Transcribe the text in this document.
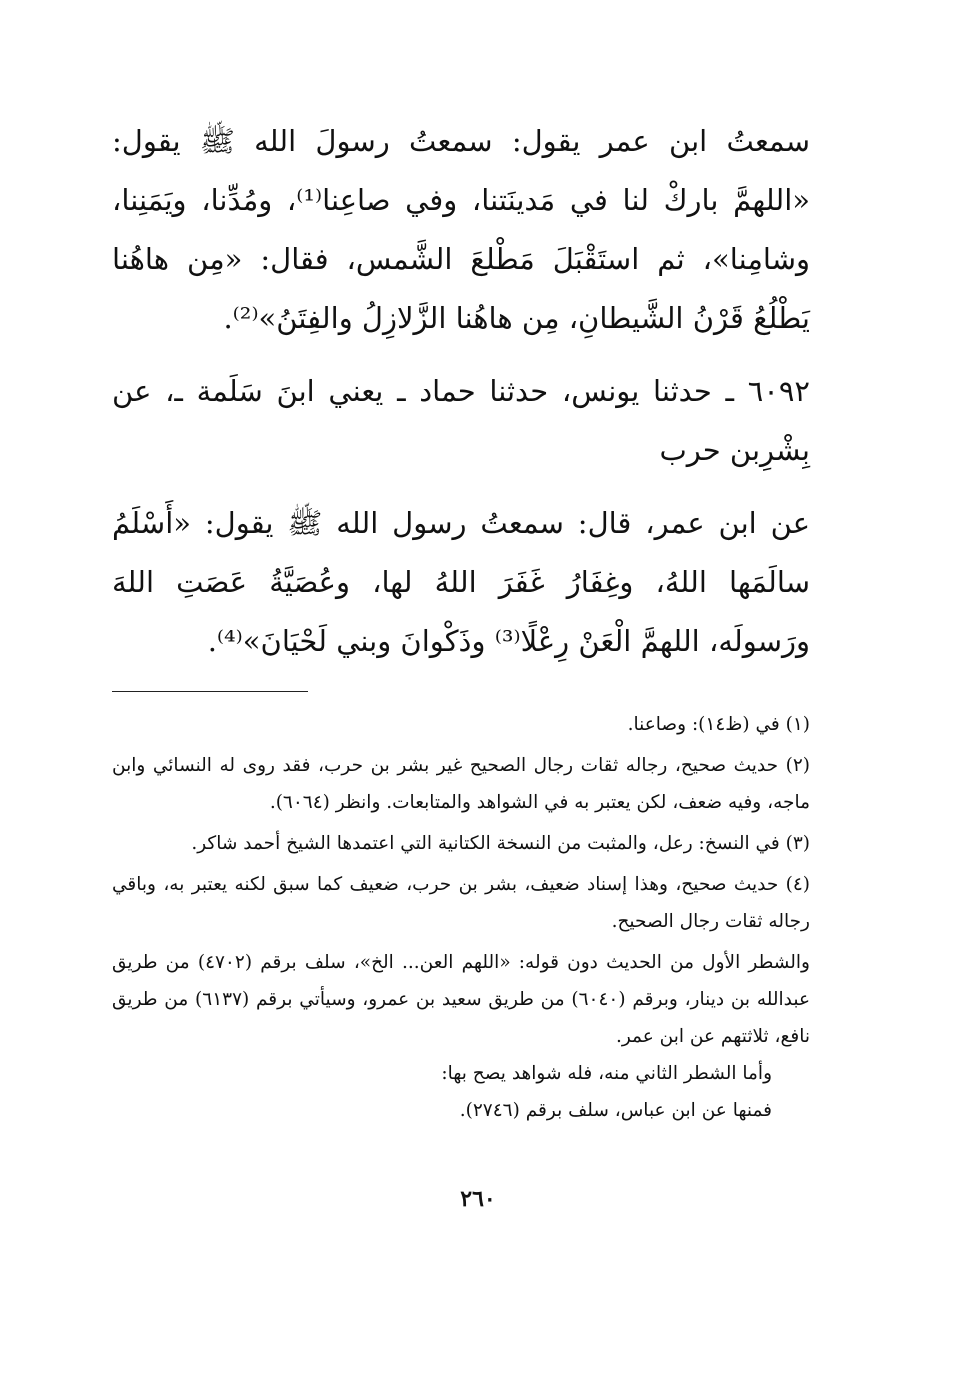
سمعتُ ابن عمر يقول: سمعتُ رسولَ الله ﷺ يقول: «اللهمَّ باركْ لنا في مَدينَتنا، وفي صاعِنا⁽¹⁾، ومُدِّنا، ويَمَنِنا، وشامِنا»، ثم استَقْبَلَ مَطْلعَ الشَّمس، فقال: «مِن هاهُنا يَطْلُعُ قَرْنُ الشَّيطانِ، مِن هاهُنا الزَّلازِلُ والفِتَنُ»⁽²⁾.

٦٠٩٢ ـ حدثنا يونس، حدثنا حماد ـ يعني ابنَ سَلَمة ـ، عن بِشْرِبن حرب

عن ابن عمر، قال: سمعتُ رسول الله ﷺ يقول: «أَسْلَمُ سالَمَها اللهُ، وغِفَارُ غَفَرَ اللهُ لها، وعُصَيَّةُ عَصَتِ اللهَ ورَسولَه، اللهمَّ الْعَنْ رِعْلًا⁽³⁾ وذَكْوانَ وبني لَحْيَانَ»⁽⁴⁾.

(١) في (ظ١٤): وصاعنا.

(٢) حديث صحيح، رجاله ثقات رجال الصحيح غير بشر بن حرب، فقد روى له النسائي وابن ماجه، وفيه ضعف، لكن يعتبر به في الشواهد والمتابعات. وانظر (٦٠٦٤).

(٣) في النسخ: رعل، والمثبت من النسخة الكتانية التي اعتمدها الشيخ أحمد شاكر.

(٤) حديث صحيح، وهذا إسناد ضعيف، بشر بن حرب، ضعيف كما سبق لكنه يعتبر به، وباقي رجاله ثقات رجال الصحيح.

والشطر الأول من الحديث دون قوله: «اللهم العن... الخ»، سلف برقم (٤٧٠٢) من طريق عبدالله بن دينار، وبرقم (٦٠٤٠) من طريق سعيد بن عمرو، وسيأتي برقم (٦١٣٧) من طريق نافع، ثلاثتهم عن ابن عمر.

وأما الشطر الثاني منه، فله شواهد يصح بها:

فمنها عن ابن عباس، سلف برقم (٢٧٤٦).

٢٦٠
